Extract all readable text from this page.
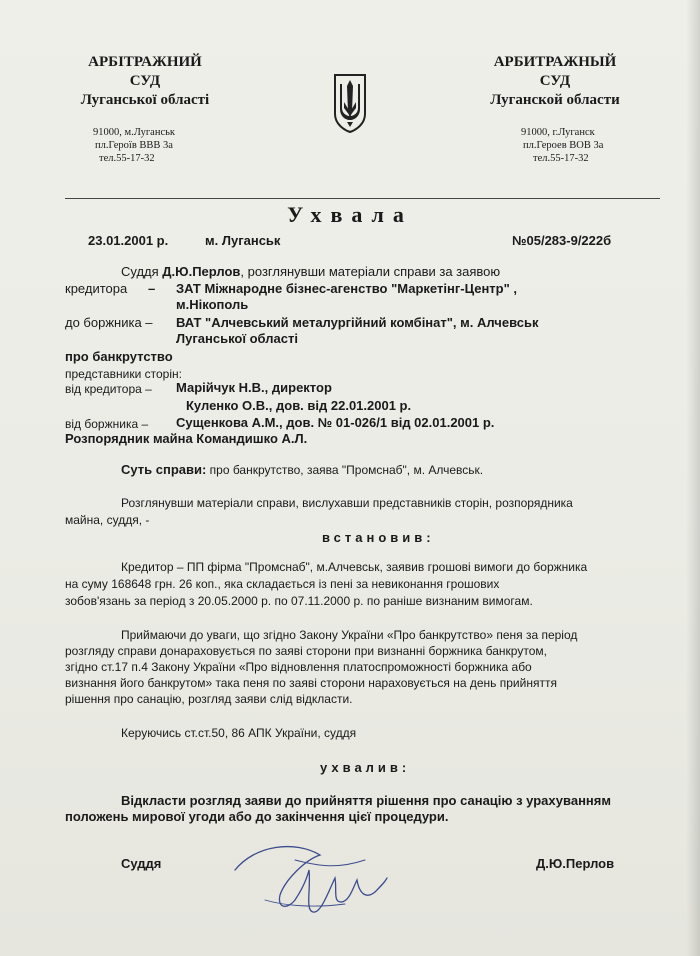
АРБІТРАЖНИЙ
СУД
Луганської області
91000, м.Луганськ
пл.Героїв ВВВ 3а
тел.55-17-32
АРБИТРАЖНЫЙ
СУД
Луганской области
91000, г.Луганск
пл.Героев ВОВ 3а
тел.55-17-32
Ухвала
23.01.2001 р.	м. Луганськ	№05/283-9/222б
Суддя Д.Ю.Перлов, розглянувши матеріали справи за заявою
кредитора – ЗАТ Міжнародне бізнес-агенство "Маркетінг-Центр" ,
м.Нікополь
до боржника – ВАТ "Алчевський металургійний комбінат", м. Алчевськ
Луганської області
про банкрутство
представники сторін:
від кредитора – Марійчук Н.В., директор
Куленко О.В., дов. від 22.01.2001 р.
від боржника – Сущенкова А.М., дов. № 01-026/1 від 02.01.2001 р.
Розпорядник майна Командишко А.Л.
Суть справи: про банкрутство, заява "Промснаб", м. Алчевськ.
Розглянувши матеріали справи, вислухавши представників сторін, розпорядника
майна, суддя, -
встановив:
Кредитор – ПП фірма "Промснаб", м.Алчевськ, заявив грошові вимоги до боржника
на суму 168648 грн. 26 коп., яка складається із пені за невиконання грошових
зобов'язань за період з 20.05.2000 р. по 07.11.2000 р. по раніше визнаним вимогам.
Приймаючи до уваги, що згідно Закону України «Про банкрутство» пеня за період
розгляду справи донараховується по заяві сторони при визнанні боржника банкрутом,
згідно ст.17 п.4 Закону України «Про відновлення платоспроможності боржника або
визнання його банкрутом» така пеня по заяві сторони нараховується на день прийняття
рішення про санацію, розгляд заяви слід відкласти.
Керуючись ст.ст.50, 86 АПК України, суддя
ухвалив:
Відкласти розгляд заяви до прийняття рішення про санацію з урахуванням
положень мирової угоди або до закінчення цієї процедури.
Суддя	Д.Ю.Перлов
